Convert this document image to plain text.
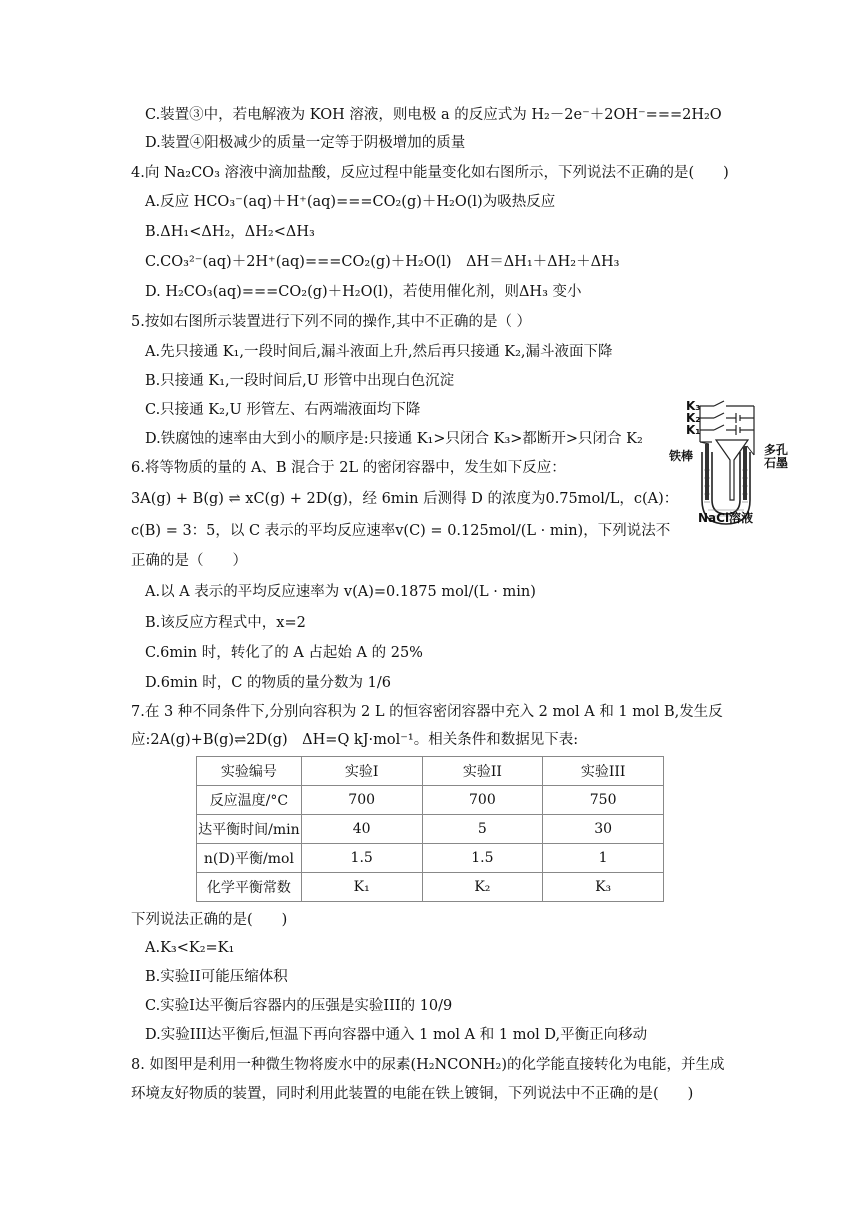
C.装置③中，若电解液为 KOH 溶液，则电极 a 的反应式为 H₂－2e⁻＋2OH⁻===2H₂O
D.装置④阳极减少的质量一定等于阴极增加的质量
4.向 Na₂CO₃ 溶液中滴加盐酸，反应过程中能量变化如右图所示，下列说法不正确的是(　　)
A.反应 HCO₃⁻(aq)＋H⁺(aq)===CO₂(g)＋H₂O(l)为吸热反应
B.ΔH₁<ΔH₂，ΔH₂<ΔH₃
C.CO₃²⁻(aq)＋2H⁺(aq)===CO₂(g)＋H₂O(l)　ΔH＝ΔH₁＋ΔH₂＋ΔH₃
D. H₂CO₃(aq)===CO₂(g)＋H₂O(l)，若使用催化剂，则ΔH₃ 变小
5.按如右图所示装置进行下列不同的操作,其中不正确的是（ ）
A.先只接通 K₁,一段时间后,漏斗液面上升,然后再只接通 K₂,漏斗液面下降
B.只接通 K₁,一段时间后,U 形管中出现白色沉淀
C.只接通 K₂,U 形管左、右两端液面均下降
D.铁腐蚀的速率由大到小的顺序是:只接通 K₁>只闭合 K₃>都断开>只闭合 K₂
6.将等物质的量的 A、B 混合于 2L 的密闭容器中，发生如下反应：
3A(g) + B(g) ⇌ xC(g) + 2D(g)，经 6min 后测得 D 的浓度为0.75mol/L，c(A)：
c(B) = 3：5，以 C 表示的平均反应速率v(C) = 0.125mol/(L · min)，下列说法不
正确的是（　　）
A.以 A 表示的平均反应速率为 v(A)=0.1875 mol/(L · min)
B.该反应方程式中，x=2
C.6min 时，转化了的 A 占起始 A 的 25%
D.6min 时，C 的物质的量分数为 1/6
7.在 3 种不同条件下,分别向容积为 2 L 的恒容密闭容器中充入 2 mol A 和 1 mol B,发生反
应:2A(g)+B(g)⇌2D(g)　ΔH=Q kJ·mol⁻¹。相关条件和数据见下表:
实验编号	实验I	实验II	实验III
反应温度/°C	700	700	750
达平衡时间/min	40	5	30
n(D)平衡/mol	1.5	1.5	1
化学平衡常数	K₁	K₂	K₃
下列说法正确的是(　　)
A.K₃<K₂=K₁
B.实验II可能压缩体积
C.实验I达平衡后容器内的压强是实验III的 10/9
D.实验III达平衡后,恒温下再向容器中通入 1 mol A 和 1 mol D,平衡正向移动
8. 如图甲是利用一种微生物将废水中的尿素(H₂NCONH₂)的化学能直接转化为电能，并生成
环境友好物质的装置，同时利用此装置的电能在铁上镀铜，下列说法中不正确的是(　　)
K₃
K₂
K₁
铁棒	多孔
石墨
NaCl溶液
